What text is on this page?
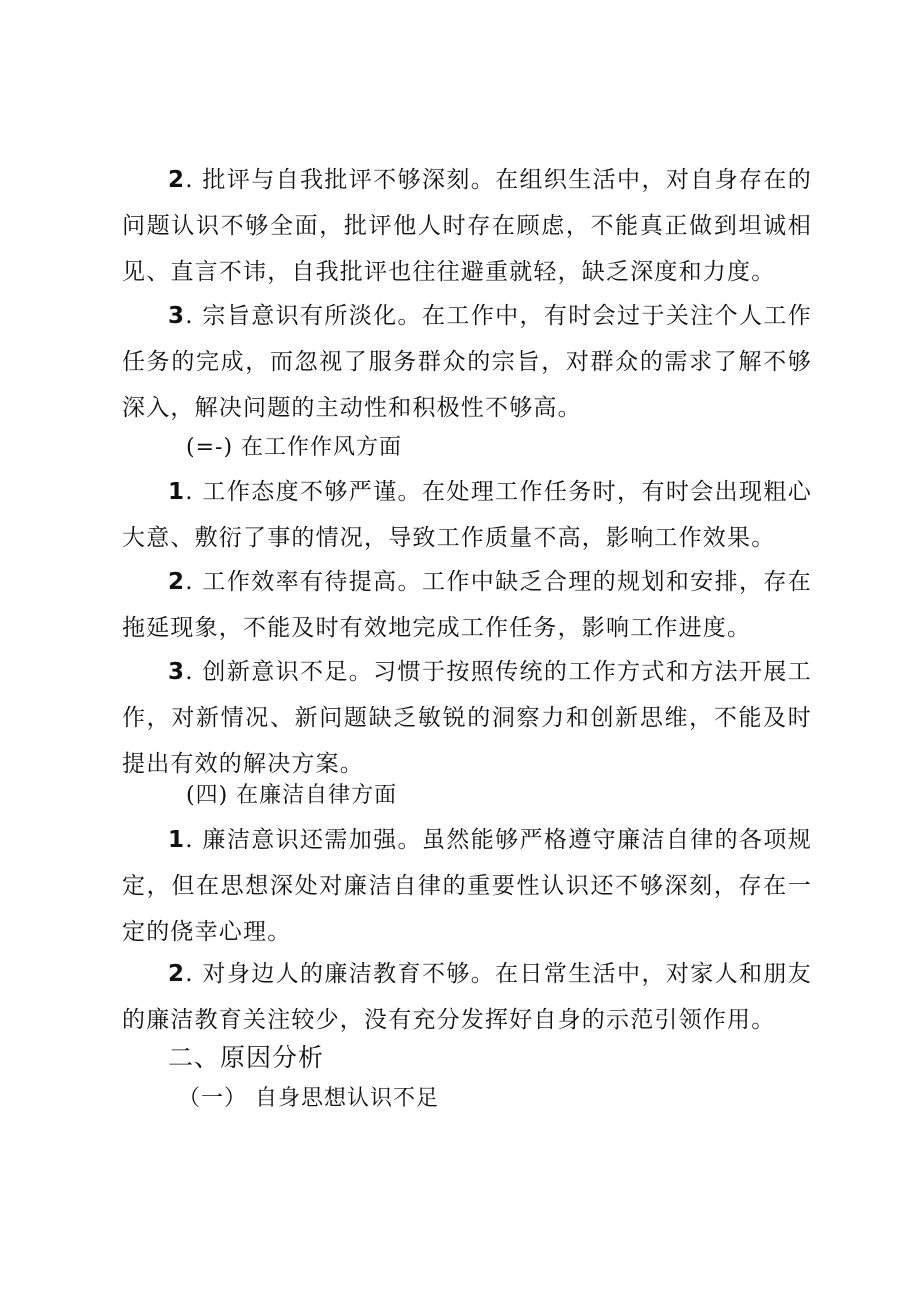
2. 批评与自我批评不够深刻。在组织生活中，对自身存在的问题认识不够全面，批评他人时存在顾虑，不能真正做到坦诚相见、直言不讳，自我批评也往往避重就轻，缺乏深度和力度。

3. 宗旨意识有所淡化。在工作中，有时会过于关注个人工作任务的完成，而忽视了服务群众的宗旨，对群众的需求了解不够深入，解决问题的主动性和积极性不够高。

(=-) 在工作作风方面

1. 工作态度不够严谨。在处理工作任务时，有时会出现粗心大意、敷衍了事的情况，导致工作质量不高，影响工作效果。

2. 工作效率有待提高。工作中缺乏合理的规划和安排，存在拖延现象，不能及时有效地完成工作任务，影响工作进度。

3. 创新意识不足。习惯于按照传统的工作方式和方法开展工作，对新情况、新问题缺乏敏锐的洞察力和创新思维，不能及时提出有效的解决方案。

(四) 在廉洁自律方面

1. 廉洁意识还需加强。虽然能够严格遵守廉洁自律的各项规定，但在思想深处对廉洁自律的重要性认识还不够深刻，存在一定的侥幸心理。

2. 对身边人的廉洁教育不够。在日常生活中，对家人和朋友的廉洁教育关注较少，没有充分发挥好自身的示范引领作用。

二、原因分析

（一） 自身思想认识不足
